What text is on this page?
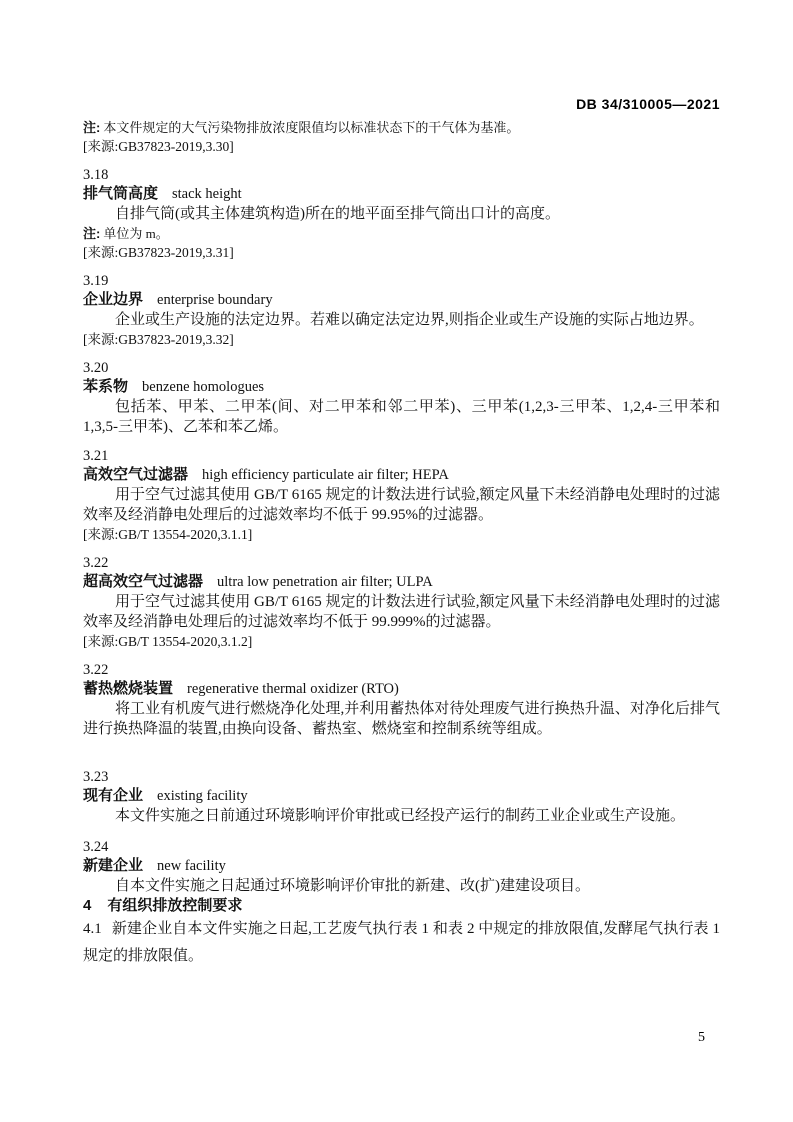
DB 34/310005—2021

注: 本文件规定的大气污染物排放浓度限值均以标准状态下的干气体为基准。

[来源:GB37823-2019,3.30]

3.18

排气筒高度 stack height

自排气筒(或其主体建筑构造)所在的地平面至排气筒出口计的高度。

注: 单位为 m。

[来源:GB37823-2019,3.31]

3.19

企业边界 enterprise boundary

企业或生产设施的法定边界。若难以确定法定边界,则指企业或生产设施的实际占地边界。

[来源:GB37823-2019,3.32]

3.20

苯系物 benzene homologues

包括苯、甲苯、二甲苯(间、对二甲苯和邻二甲苯)、三甲苯(1,2,3-三甲苯、1,2,4-三甲苯和 1,3,5-三甲苯)、乙苯和苯乙烯。

3.21

高效空气过滤器 high efficiency particulate air filter; HEPA

用于空气过滤其使用 GB/T 6165 规定的计数法进行试验,额定风量下未经消静电处理时的过滤效率及经消静电处理后的过滤效率均不低于 99.95%的过滤器。

[来源:GB/T 13554-2020,3.1.1]

3.22

超高效空气过滤器 ultra low penetration air filter; ULPA

用于空气过滤其使用 GB/T 6165 规定的计数法进行试验,额定风量下未经消静电处理时的过滤效率及经消静电处理后的过滤效率均不低于 99.999%的过滤器。

[来源:GB/T 13554-2020,3.1.2]

3.22

蓄热燃烧装置 regenerative thermal oxidizer (RTO)

将工业有机废气进行燃烧净化处理,并利用蓄热体对待处理废气进行换热升温、对净化后排气进行换热降温的装置,由换向设备、蓄热室、燃烧室和控制系统等组成。

3.23

现有企业 existing facility

本文件实施之日前通过环境影响评价审批或已经投产运行的制药工业企业或生产设施。

3.24

新建企业 new facility

自本文件实施之日起通过环境影响评价审批的新建、改(扩)建建设项目。

4 有组织排放控制要求

4.1 新建企业自本文件实施之日起,工艺废气执行表 1 和表 2 中规定的排放限值,发酵尾气执行表 1 规定的排放限值。

5
